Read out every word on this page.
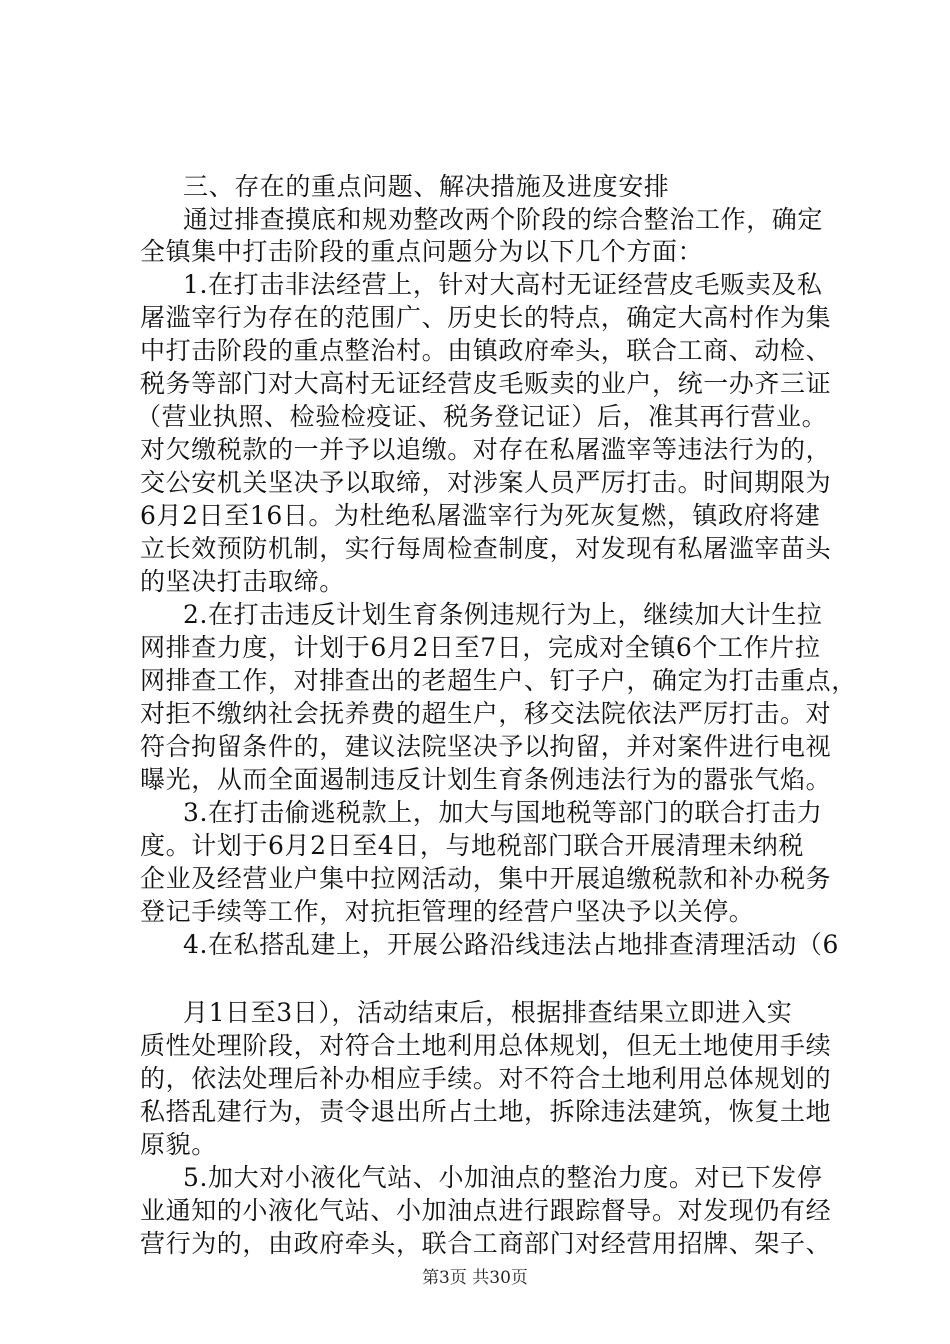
三、存在的重点问题、解决措施及进度安排
通过排查摸底和规劝整改两个阶段的综合整治工作，确定
全镇集中打击阶段的重点问题分为以下几个方面：
1.在打击非法经营上，针对大高村无证经营皮毛贩卖及私
屠滥宰行为存在的范围广、历史长的特点，确定大高村作为集
中打击阶段的重点整治村。由镇政府牵头，联合工商、动检、
税务等部门对大高村无证经营皮毛贩卖的业户，统一办齐三证
（营业执照、检验检疫证、税务登记证）后，准其再行营业。
对欠缴税款的一并予以追缴。对存在私屠滥宰等违法行为的，
交公安机关坚决予以取缔，对涉案人员严厉打击。时间期限为
6月2日至16日。为杜绝私屠滥宰行为死灰复燃，镇政府将建
立长效预防机制，实行每周检查制度，对发现有私屠滥宰苗头
的坚决打击取缔。
2.在打击违反计划生育条例违规行为上，继续加大计生拉
网排查力度，计划于6月2日至7日，完成对全镇6个工作片拉
网排查工作，对排查出的老超生户、钉子户，确定为打击重点，
对拒不缴纳社会抚养费的超生户，移交法院依法严厉打击。对
符合拘留条件的，建议法院坚决予以拘留，并对案件进行电视
曝光，从而全面遏制违反计划生育条例违法行为的嚣张气焰。
3.在打击偷逃税款上，加大与国地税等部门的联合打击力
度。计划于6月2日至4日，与地税部门联合开展清理未纳税
企业及经营业户集中拉网活动，集中开展追缴税款和补办税务
登记手续等工作，对抗拒管理的经营户坚决予以关停。
4.在私搭乱建上，开展公路沿线违法占地排查清理活动（6
月1日至3日），活动结束后，根据排查结果立即进入实
质性处理阶段，对符合土地利用总体规划，但无土地使用手续
的，依法处理后补办相应手续。对不符合土地利用总体规划的
私搭乱建行为，责令退出所占土地，拆除违法建筑，恢复土地
原貌。
5.加大对小液化气站、小加油点的整治力度。对已下发停
业通知的小液化气站、小加油点进行跟踪督导。对发现仍有经
营行为的，由政府牵头，联合工商部门对经营用招牌、架子、
第3页 共30页
